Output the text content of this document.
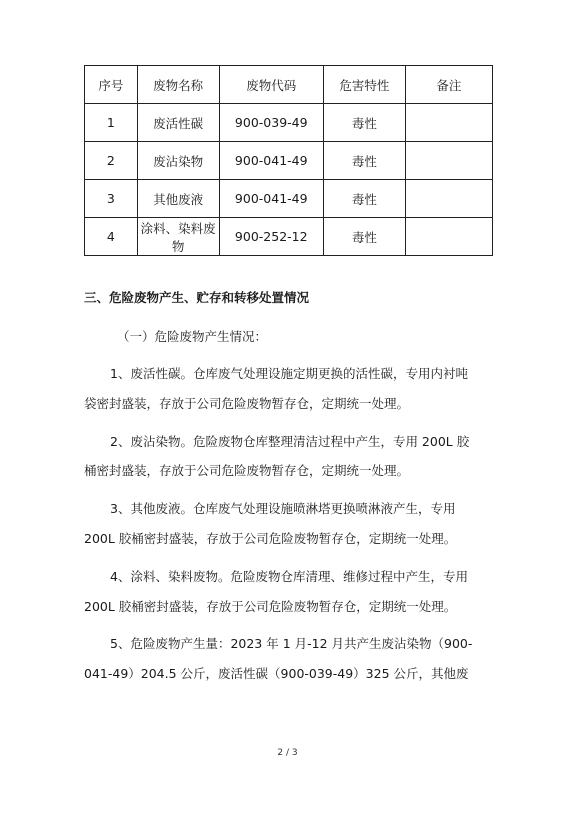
序号	废物名称	废物代码	危害特性	备注
1	废活性碳	900-039-49	毒性	
2	废沾染物	900-041-49	毒性	
3	其他废液	900-041-49	毒性	
4	涂料、染料废物	900-252-12	毒性	
三、危险废物产生、贮存和转移处置情况
（一）危险废物产生情况：
1、废活性碳。仓库废气处理设施定期更换的活性碳，专用内衬吨
袋密封盛装，存放于公司危险废物暂存仓，定期统一处理。
2、废沾染物。危险废物仓库整理清洁过程中产生，专用 200L 胶
桶密封盛装，存放于公司危险废物暂存仓，定期统一处理。
3、其他废液。仓库废气处理设施喷淋塔更换喷淋液产生，专用
200L 胶桶密封盛装，存放于公司危险废物暂存仓，定期统一处理。
4、涂料、染料废物。危险废物仓库清理、维修过程中产生，专用
200L 胶桶密封盛装，存放于公司危险废物暂存仓，定期统一处理。
5、危险废物产生量：2023 年 1 月-12 月共产生废沾染物（900-
041-49）204.5 公斤，废活性碳（900-039-49）325 公斤，其他废
2 / 3
